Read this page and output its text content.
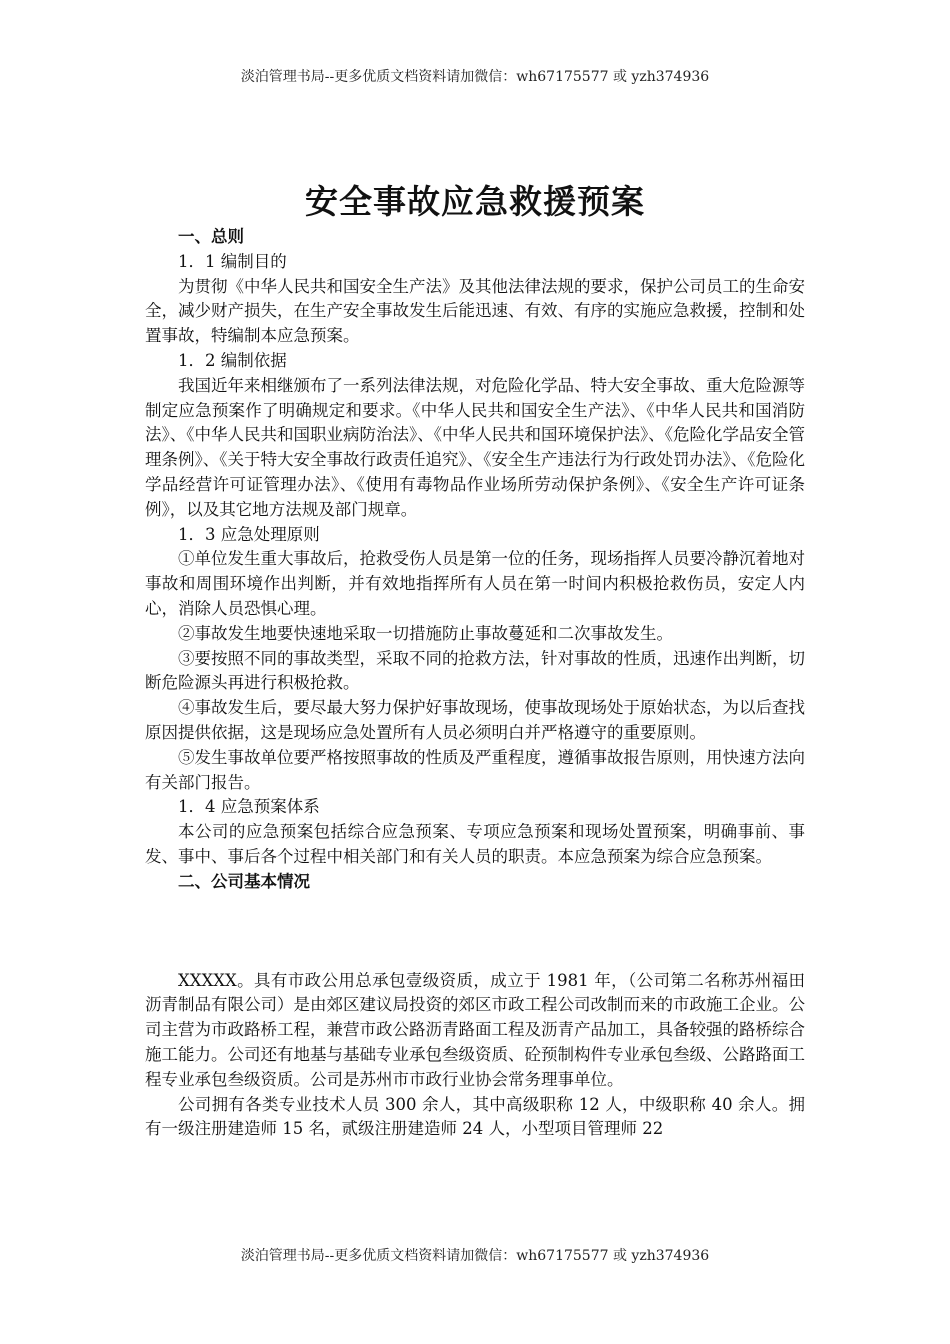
淡泊管理书局--更多优质文档资料请加微信：wh67175577 或 yzh374936
安全事故应急救援预案

一、总则

1．1 编制目的

为贯彻《中华人民共和国安全生产法》及其他法律法规的要求，保护公司员工的生命安全，减少财产损失，在生产安全事故发生后能迅速、有效、有序的实施应急救援，控制和处置事故，特编制本应急预案。

1．2 编制依据

我国近年来相继颁布了一系列法律法规，对危险化学品、特大安全事故、重大危险源等制定应急预案作了明确规定和要求。《中华人民共和国安全生产法》、《中华人民共和国消防法》、《中华人民共和国职业病防治法》、《中华人民共和国环境保护法》、《危险化学品安全管理条例》、《关于特大安全事故行政责任追究》、《安全生产违法行为行政处罚办法》、《危险化学品经营许可证管理办法》、《使用有毒物品作业场所劳动保护条例》、《安全生产许可证条例》，以及其它地方法规及部门规章。

1．3 应急处理原则

①单位发生重大事故后，抢救受伤人员是第一位的任务，现场指挥人员要冷静沉着地对事故和周围环境作出判断，并有效地指挥所有人员在第一时间内积极抢救伤员，安定人内心，消除人员恐惧心理。

②事故发生地要快速地采取一切措施防止事故蔓延和二次事故发生。

③要按照不同的事故类型，采取不同的抢救方法，针对事故的性质，迅速作出判断，切断危险源头再进行积极抢救。

④事故发生后，要尽最大努力保护好事故现场，使事故现场处于原始状态，为以后查找原因提供依据，这是现场应急处置所有人员必须明白并严格遵守的重要原则。

⑤发生事故单位要严格按照事故的性质及严重程度，遵循事故报告原则，用快速方法向有关部门报告。

1．4 应急预案体系

本公司的应急预案包括综合应急预案、专项应急预案和现场处置预案，明确事前、事发、事中、事后各个过程中相关部门和有关人员的职责。本应急预案为综合应急预案。

二、公司基本情况

XXXXX。具有市政公用总承包壹级资质，成立于 1981 年，（公司第二名称苏州福田沥青制品有限公司）是由郊区建议局投资的郊区市政工程公司改制而来的市政施工企业。公司主营为市政路桥工程，兼营市政公路沥青路面工程及沥青产品加工，具备较强的路桥综合施工能力。公司还有地基与基础专业承包叁级资质、砼预制构件专业承包叁级、公路路面工程专业承包叁级资质。公司是苏州市市政行业协会常务理事单位。

公司拥有各类专业技术人员 300 余人，其中高级职称 12 人，中级职称 40 余人。拥有一级注册建造师 15 名，贰级注册建造师 24 人，小型项目管理师 22

淡泊管理书局--更多优质文档资料请加微信：wh67175577 或 yzh374936
